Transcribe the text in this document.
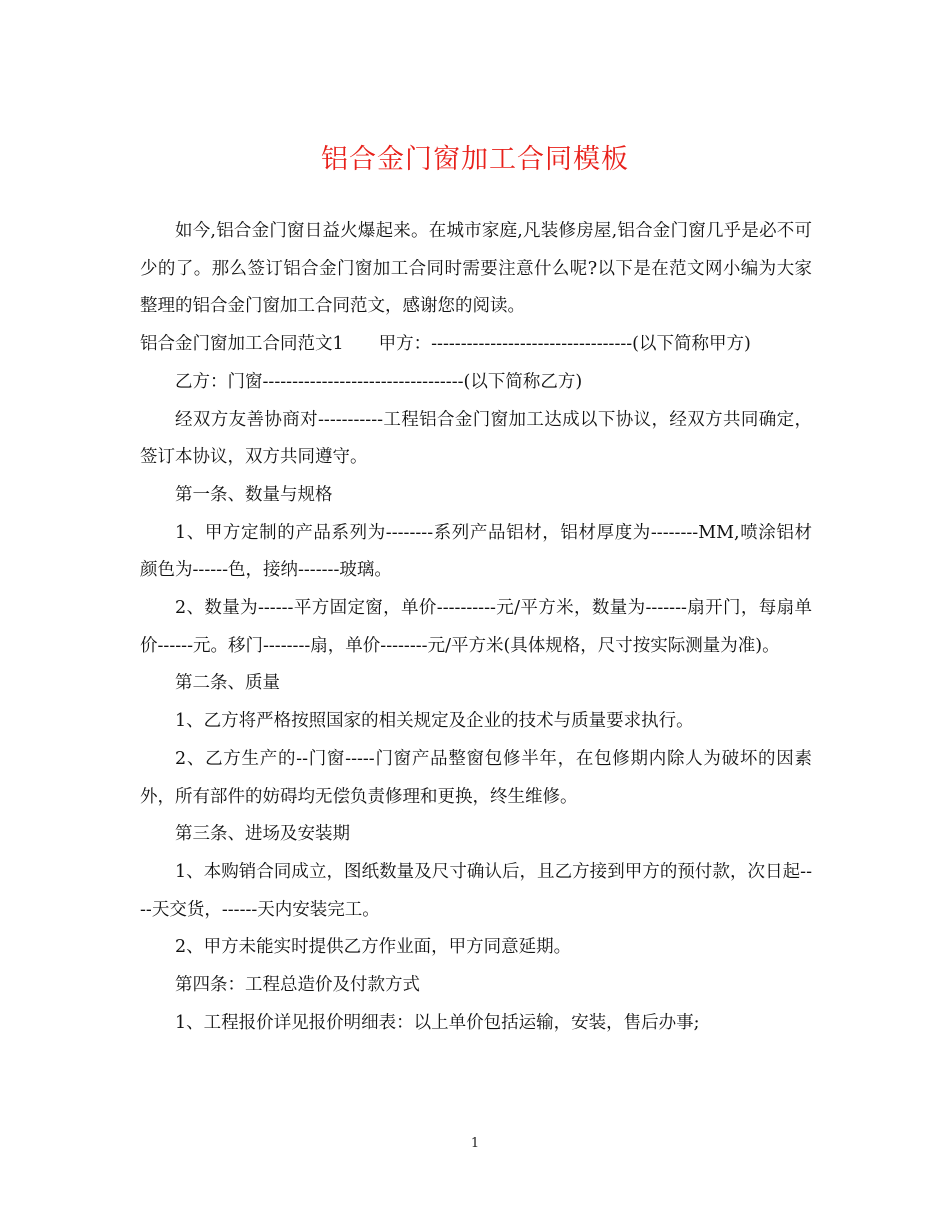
铝合金门窗加工合同模板

如今,铝合金门窗日益火爆起来。在城市家庭,凡装修房屋,铝合金门窗几乎是必不可少的了。那么签订铝合金门窗加工合同时需要注意什么呢?以下是在范文网小编为大家整理的铝合金门窗加工合同范文，感谢您的阅读。

铝合金门窗加工合同范文1　　甲方：----------------------------------(以下简称甲方)

乙方：门窗----------------------------------(以下简称乙方)

经双方友善协商对-----------工程铝合金门窗加工达成以下协议，经双方共同确定，签订本协议，双方共同遵守。

第一条、数量与规格

1、甲方定制的产品系列为--------系列产品铝材，铝材厚度为--------MM,喷涂铝材颜色为------色，接纳-------玻璃。

2、数量为------平方固定窗，单价----------元/平方米，数量为-------扇开门，每扇单价------元。移门--------扇，单价--------元/平方米(具体规格，尺寸按实际测量为准)。

第二条、质量

1、乙方将严格按照国家的相关规定及企业的技术与质量要求执行。

2、乙方生产的--门窗-----门窗产品整窗包修半年，在包修期内除人为破坏的因素外，所有部件的妨碍均无偿负责修理和更换，终生维修。

第三条、进场及安装期

1、本购销合同成立，图纸数量及尺寸确认后，且乙方接到甲方的预付款，次日起----天交货，------天内安装完工。

2、甲方未能实时提供乙方作业面，甲方同意延期。

第四条：工程总造价及付款方式

1、工程报价详见报价明细表：以上单价包括运输，安装，售后办事;

1
